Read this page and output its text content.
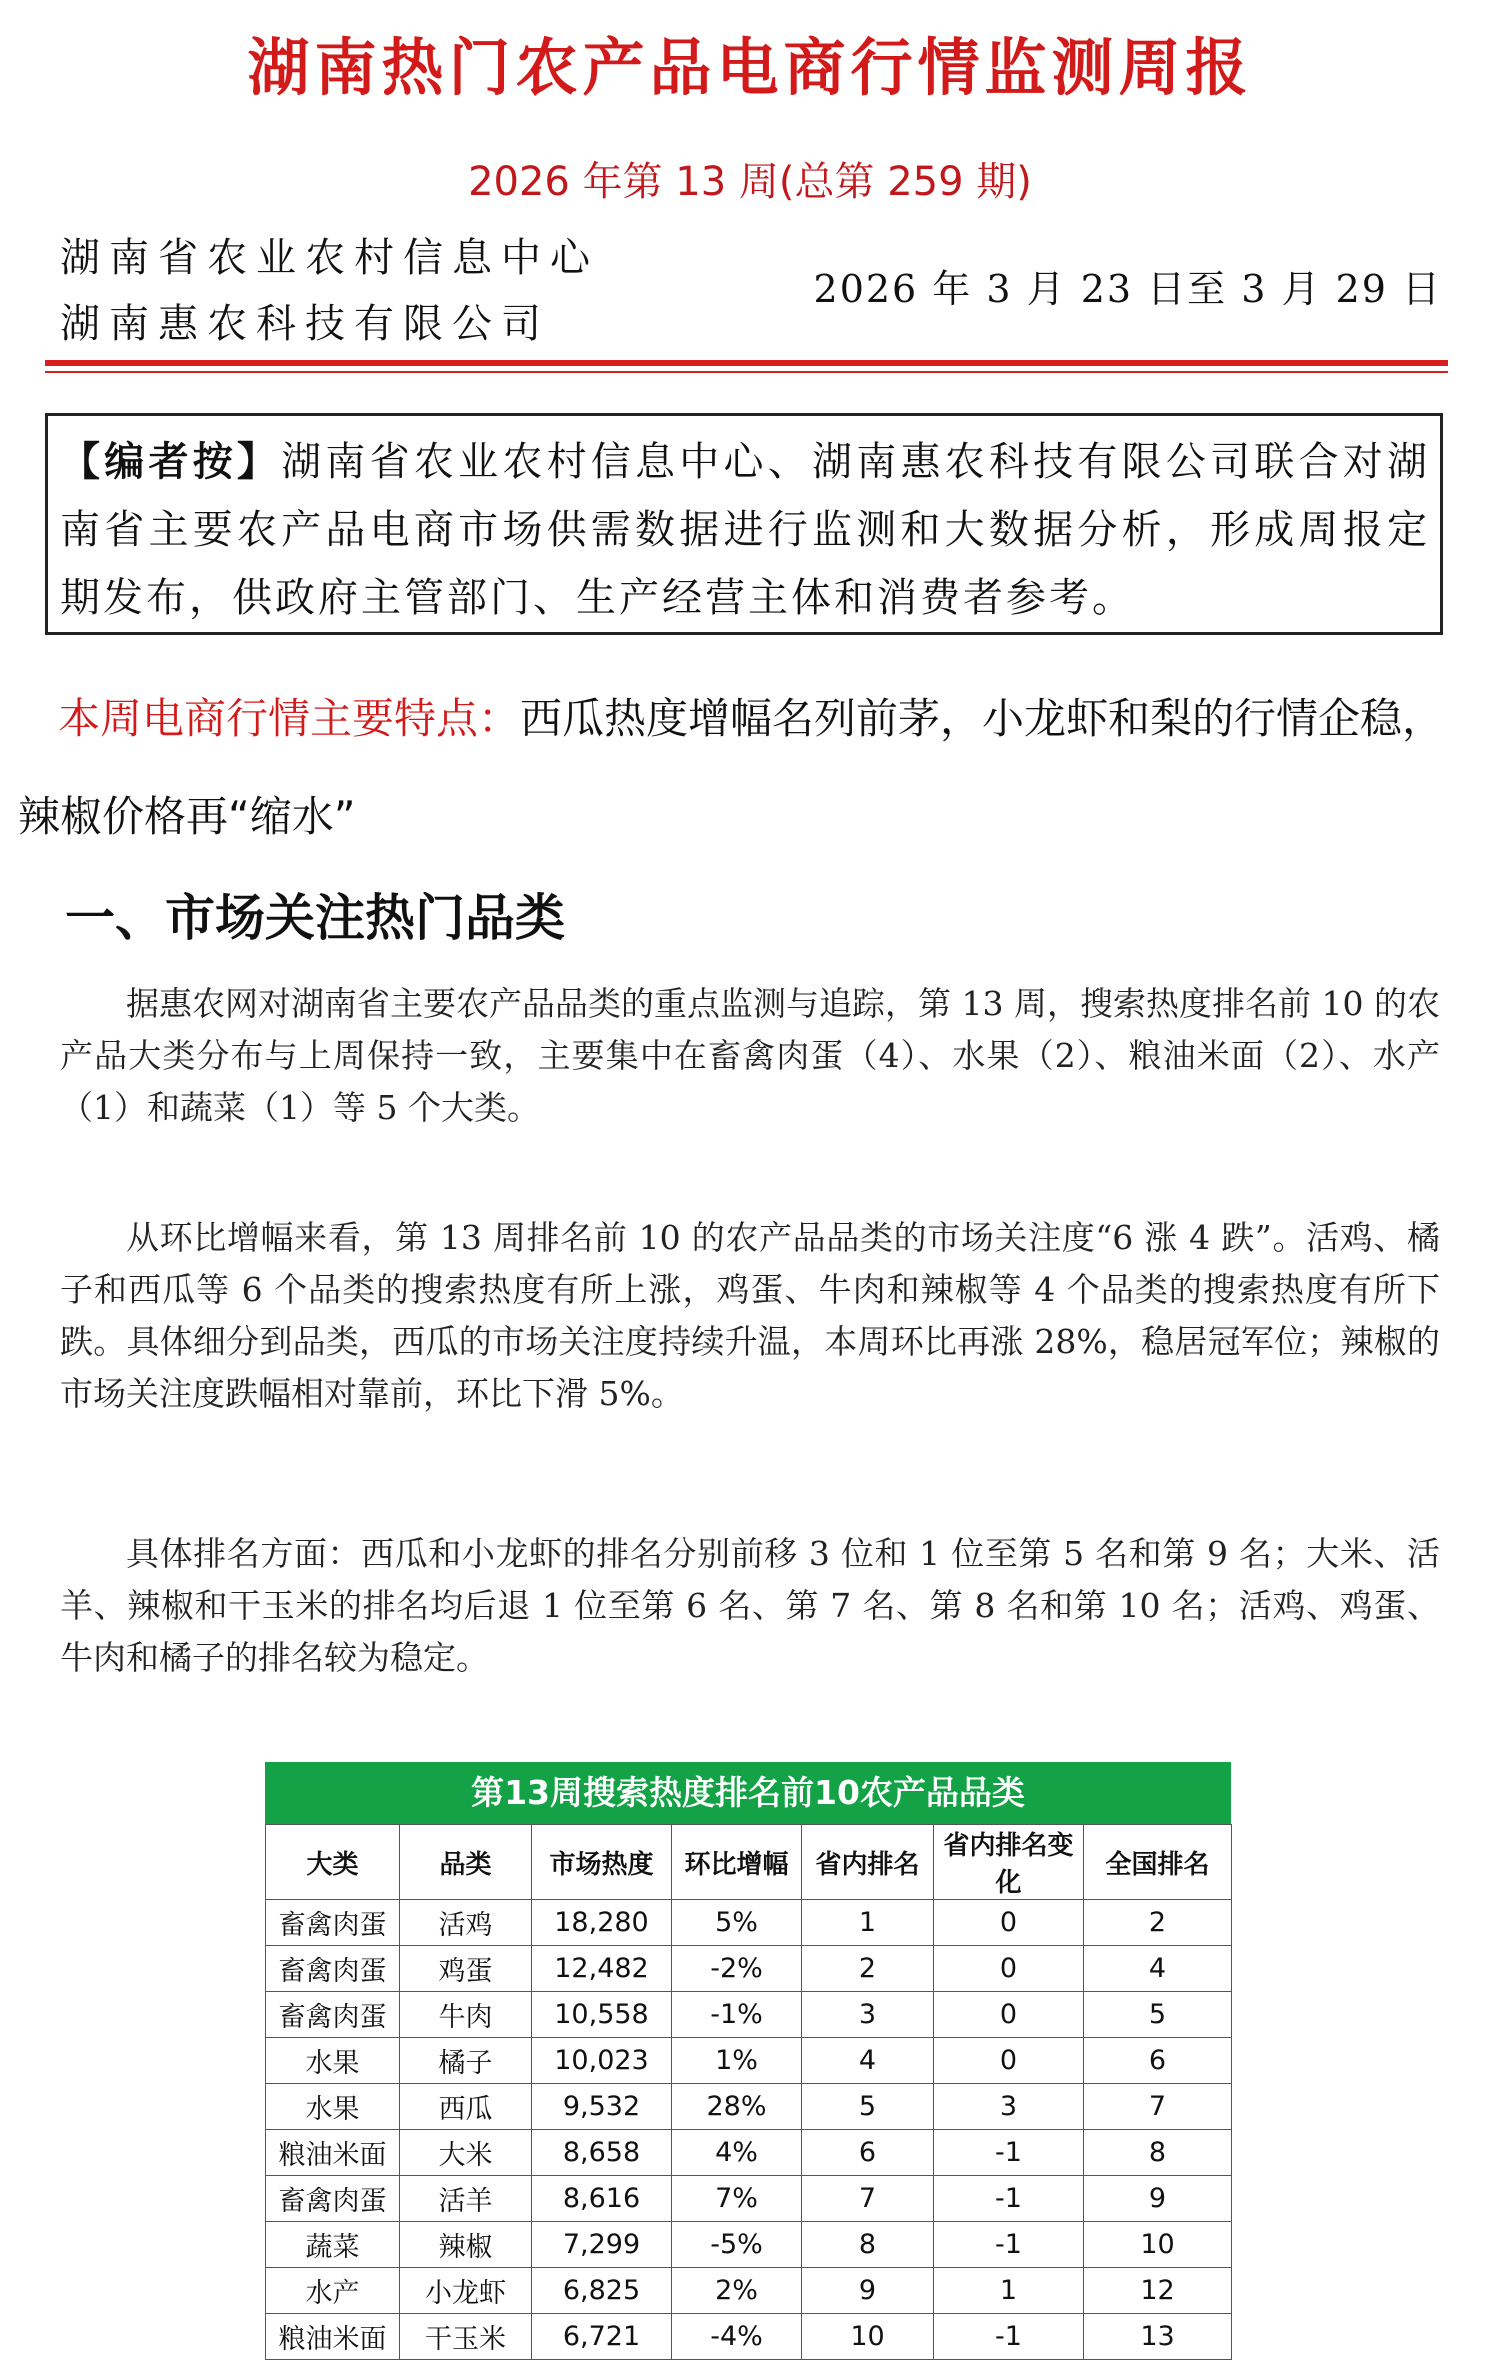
湖南热门农产品电商行情监测周报
2026 年第 13 周(总第 259 期)
湖南省农业农村信息中心
湖南惠农科技有限公司
2026 年 3 月 23 日至 3 月 29 日
【编者按】湖南省农业农村信息中心、湖南惠农科技有限公司联合对湖南省主要农产品电商市场供需数据进行监测和大数据分析，形成周报定期发布，供政府主管部门、生产经营主体和消费者参考。
本周电商行情主要特点：西瓜热度增幅名列前茅，小龙虾和梨的行情企稳，辣椒价格再“缩水”
一、市场关注热门品类
据惠农网对湖南省主要农产品品类的重点监测与追踪，第 13 周，搜索热度排名前 10 的农产品大类分布与上周保持一致，主要集中在畜禽肉蛋（4）、水果（2）、粮油米面（2）、水产（1）和蔬菜（1）等 5 个大类。
从环比增幅来看，第 13 周排名前 10 的农产品品类的市场关注度“6 涨 4 跌”。活鸡、橘子和西瓜等 6 个品类的搜索热度有所上涨，鸡蛋、牛肉和辣椒等 4 个品类的搜索热度有所下跌。具体细分到品类，西瓜的市场关注度持续升温，本周环比再涨 28%，稳居冠军位；辣椒的市场关注度跌幅相对靠前，环比下滑 5%。
具体排名方面：西瓜和小龙虾的排名分别前移 3 位和 1 位至第 5 名和第 9 名；大米、活羊、辣椒和干玉米的排名均后退 1 位至第 6 名、第 7 名、第 8 名和第 10 名；活鸡、鸡蛋、牛肉和橘子的排名较为稳定。
第13周搜索热度排名前10农产品品类
大类	品类	市场热度	环比增幅	省内排名	省内排名变化	全国排名
畜禽肉蛋	活鸡	18,280	5%	1	0	2
畜禽肉蛋	鸡蛋	12,482	-2%	2	0	4
畜禽肉蛋	牛肉	10,558	-1%	3	0	5
水果	橘子	10,023	1%	4	0	6
水果	西瓜	9,532	28%	5	3	7
粮油米面	大米	8,658	4%	6	-1	8
畜禽肉蛋	活羊	8,616	7%	7	-1	9
蔬菜	辣椒	7,299	-5%	8	-1	10
水产	小龙虾	6,825	2%	9	1	12
粮油米面	干玉米	6,721	-4%	10	-1	13
